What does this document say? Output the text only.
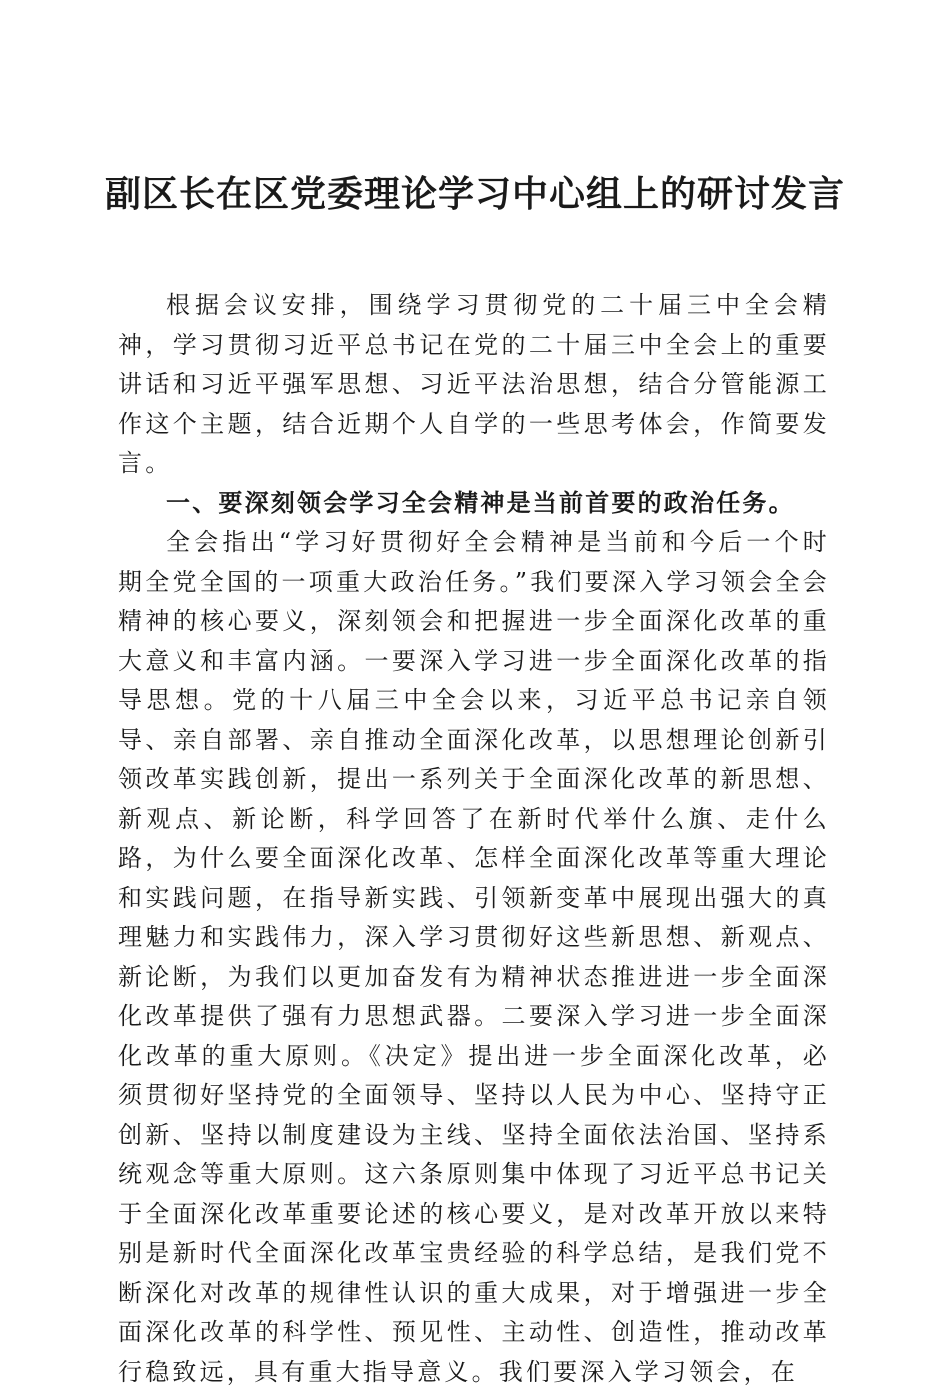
副区长在区党委理论学习中心组上的研讨发言

根据会议安排，围绕学习贯彻党的二十届三中全会精神，学习贯彻习近平总书记在党的二十届三中全会上的重要讲话和习近平强军思想、习近平法治思想，结合分管能源工作这个主题，结合近期个人自学的一些思考体会，作简要发言。

一、要深刻领会学习全会精神是当前首要的政治任务。

全会指出“学习好贯彻好全会精神是当前和今后一个时期全党全国的一项重大政治任务。”我们要深入学习领会全会精神的核心要义，深刻领会和把握进一步全面深化改革的重大意义和丰富内涵。一要深入学习进一步全面深化改革的指导思想。党的十八届三中全会以来，习近平总书记亲自领导、亲自部署、亲自推动全面深化改革，以思想理论创新引领改革实践创新，提出一系列关于全面深化改革的新思想、新观点、新论断，科学回答了在新时代举什么旗、走什么路，为什么要全面深化改革、怎样全面深化改革等重大理论和实践问题，在指导新实践、引领新变革中展现出强大的真理魅力和实践伟力，深入学习贯彻好这些新思想、新观点、新论断，为我们以更加奋发有为精神状态推进进一步全面深化改革提供了强有力思想武器。二要深入学习进一步全面深化改革的重大原则。《决定》提出进一步全面深化改革，必须贯彻好坚持党的全面领导、坚持以人民为中心、坚持守正创新、坚持以制度建设为主线、坚持全面依法治国、坚持系统观念等重大原则。这六条原则集中体现了习近平总书记关于全面深化改革重要论述的核心要义，是对改革开放以来特别是新时代全面深化改革宝贵经验的科学总结，是我们党不断深化对改革的规律性认识的重大成果，对于增强进一步全面深化改革的科学性、预见性、主动性、创造性，推动改革行稳致远，具有重大指导意义。我们要深入学习领会，在
